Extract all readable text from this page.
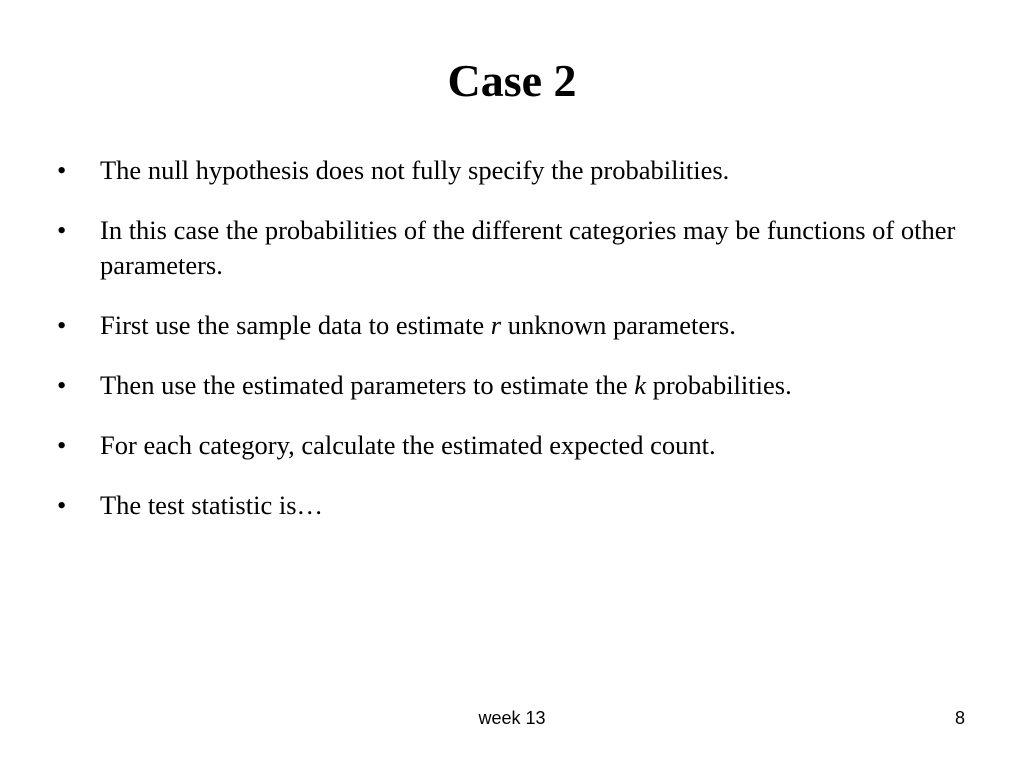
Case 2
•	The null hypothesis does not fully specify the probabilities.
•	In this case the probabilities of the different categories may be functions of other parameters.
•	First use the sample data to estimate r unknown parameters.
•	Then use the estimated parameters to estimate the k probabilities.
•	For each category, calculate the estimated expected count.
•	The test statistic is…
week 13	8
